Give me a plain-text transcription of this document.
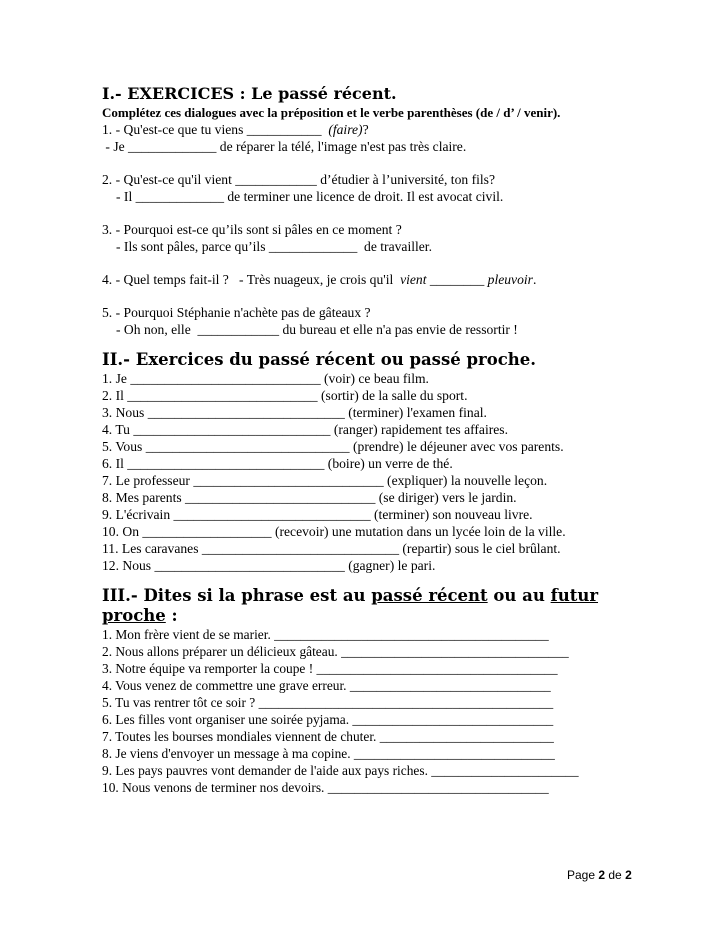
I.- EXERCICES : Le passé récent.
Complétez ces dialogues avec la préposition et le verbe parenthèses (de / d’ / venir).
1. - Qu'est-ce que tu viens ___________  (faire)?
- Je _____________ de réparer la télé, l'image n'est pas très claire.
2. - Qu'est-ce qu'il vient ____________ d’étudier à l’université, ton fils?
- Il _____________ de terminer une licence de droit. Il est avocat civil.
3. - Pourquoi est-ce qu’ils sont si pâles en ce moment ?
- Ils sont pâles, parce qu’ils _____________  de travailler.
4. - Quel temps fait-il ?   - Très nuageux, je crois qu'il  vient ________ pleuvoir.
5. - Pourquoi Stéphanie n'achète pas de gâteaux ?
- Oh non, elle  ____________ du bureau et elle n'a pas envie de ressortir !
II.- Exercices du passé récent ou passé proche.
1. Je ____________________________ (voir) ce beau film.
2. Il ____________________________ (sortir) de la salle du sport.
3. Nous _____________________________ (terminer) l'examen final.
4. Tu _____________________________ (ranger) rapidement tes affaires.
5. Vous ______________________________ (prendre) le déjeuner avec vos parents.
6. Il _____________________________ (boire) un verre de thé.
7. Le professeur ____________________________ (expliquer) la nouvelle leçon.
8. Mes parents ____________________________ (se diriger) vers le jardin.
9. L'écrivain _____________________________ (terminer) son nouveau livre.
10. On ___________________ (recevoir) une mutation dans un lycée loin de la ville.
11. Les caravanes _____________________________ (repartir) sous le ciel brûlant.
12. Nous ____________________________ (gagner) le pari.
III.- Dites si la phrase est au passé récent ou au futur
proche :
1. Mon frère vient de se marier. _________________________________________
2. Nous allons préparer un délicieux gâteau. __________________________________
3. Notre équipe va remporter la coupe ! ____________________________________
4. Vous venez de commettre une grave erreur. ______________________________
5. Tu vas rentrer tôt ce soir ? ____________________________________________
6. Les filles vont organiser une soirée pyjama. ______________________________
7. Toutes les bourses mondiales viennent de chuter. __________________________
8. Je viens d'envoyer un message à ma copine. ______________________________
9. Les pays pauvres vont demander de l'aide aux pays riches. ______________________
10. Nous venons de terminer nos devoirs. _________________________________
Page 2 de 2
